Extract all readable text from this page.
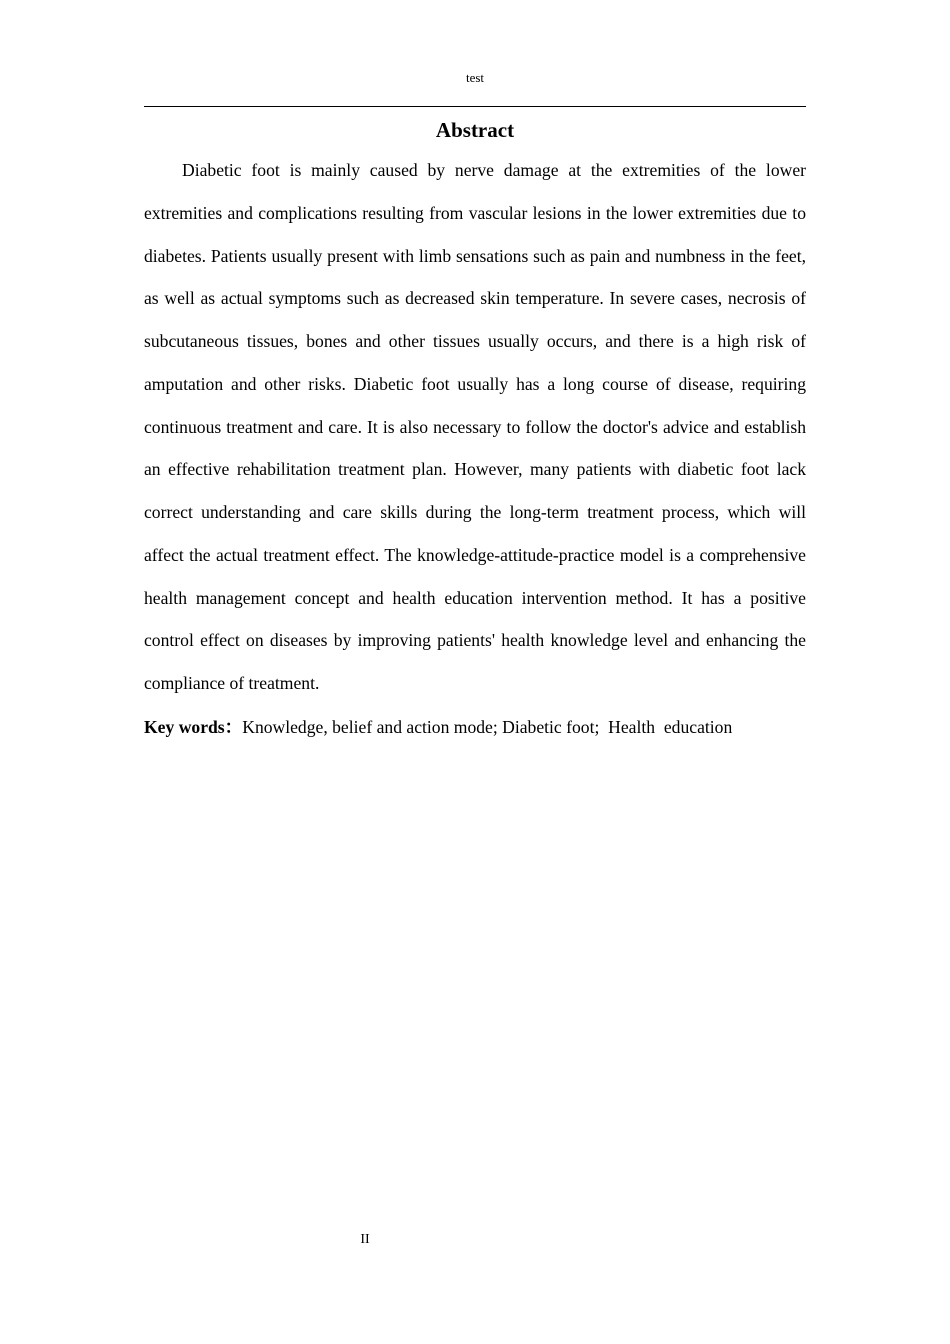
test
Abstract

Diabetic foot is mainly caused by nerve damage at the extremities of the lower extremities and complications resulting from vascular lesions in the lower extremities due to diabetes. Patients usually present with limb sensations such as pain and numbness in the feet, as well as actual symptoms such as decreased skin temperature. In severe cases, necrosis of subcutaneous tissues, bones and other tissues usually occurs, and there is a high risk of amputation and other risks. Diabetic foot usually has a long course of disease, requiring continuous treatment and care. It is also necessary to follow the doctor's advice and establish an effective rehabilitation treatment plan. However, many patients with diabetic foot lack correct understanding and care skills during the long-term treatment process, which will affect the actual treatment effect. The knowledge-attitude-practice model is a comprehensive health management concept and health education intervention method. It has a positive control effect on diseases by improving patients' health knowledge level and enhancing the compliance of treatment.

Key words：Knowledge, belief and action mode; Diabetic foot;  Health  education
II
